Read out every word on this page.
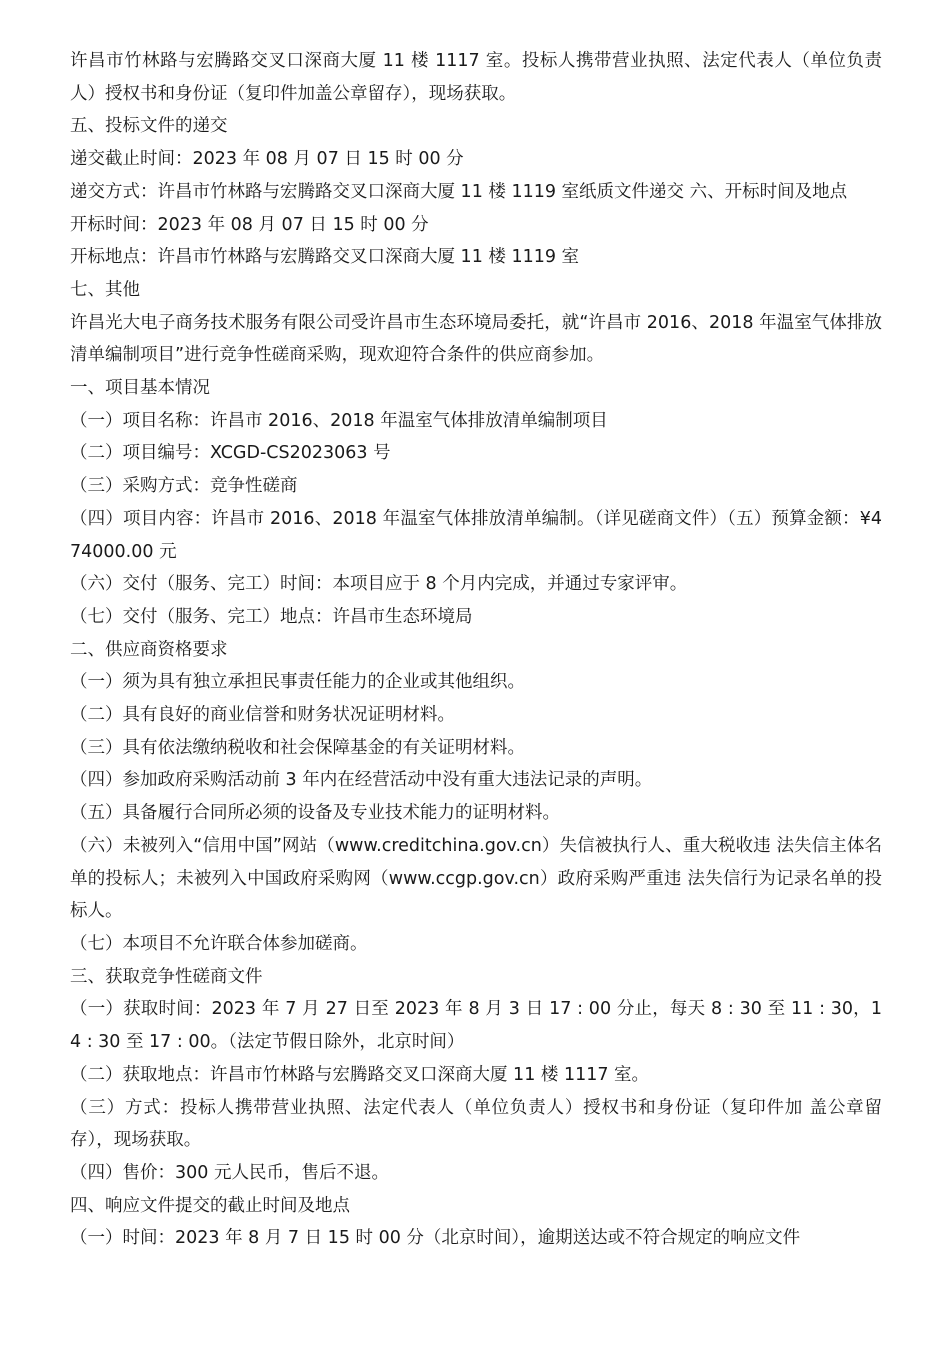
许昌市竹林路与宏腾路交叉口深商大厦 11 楼 1117 室。投标人携带营业执照、法定代表人（单位负责人）授权书和身份证（复印件加盖公章留存），现场获取。

五、投标文件的递交

递交截止时间：2023 年 08 月 07 日 15 时 00 分

递交方式：许昌市竹林路与宏腾路交叉口深商大厦 11 楼 1119 室纸质文件递交 六、开标时间及地点

开标时间：2023 年 08 月 07 日 15 时 00 分

开标地点：许昌市竹林路与宏腾路交叉口深商大厦 11 楼 1119 室

七、其他

许昌光大电子商务技术服务有限公司受许昌市生态环境局委托，就“许昌市 2016、2018 年温室气体排放清单编制项目”进行竞争性磋商采购，现欢迎符合条件的供应商参加。

一、项目基本情况

（一）项目名称：许昌市 2016、2018 年温室气体排放清单编制项目

（二）项目编号：XCGD-CS2023063 号

（三）采购方式：竞争性磋商

（四）项目内容：许昌市 2016、2018 年温室气体排放清单编制。（详见磋商文件）（五）预算金额：¥474000.00 元

（六）交付（服务、完工）时间：本项目应于 8 个月内完成，并通过专家评审。

（七）交付（服务、完工）地点：许昌市生态环境局

二、供应商资格要求

（一）须为具有独立承担民事责任能力的企业或其他组织。

（二）具有良好的商业信誉和财务状况证明材料。

（三）具有依法缴纳税收和社会保障基金的有关证明材料。

（四）参加政府采购活动前 3 年内在经营活动中没有重大违法记录的声明。

（五）具备履行合同所必须的设备及专业技术能力的证明材料。

（六）未被列入“信用中国”网站（www.creditchina.gov.cn）失信被执行人、重大税收违 法失信主体名单的投标人；未被列入中国政府采购网（www.ccgp.gov.cn）政府采购严重违 法失信行为记录名单的投标人。

（七）本项目不允许联合体参加磋商。

三、获取竞争性磋商文件

（一）获取时间：2023 年 7 月 27 日至 2023 年 8 月 3 日 17 : 00 分止，每天 8 : 30 至 11 : 30，14 : 30 至 17 : 00。（法定节假日除外，北京时间）

（二）获取地点：许昌市竹林路与宏腾路交叉口深商大厦 11 楼 1117 室。

（三）方式：投标人携带营业执照、法定代表人（单位负责人）授权书和身份证（复印件加 盖公章留存），现场获取。

（四）售价：300 元人民币，售后不退。

四、响应文件提交的截止时间及地点

（一）时间：2023 年 8 月 7 日 15 时 00 分（北京时间），逾期送达或不符合规定的响应文件
